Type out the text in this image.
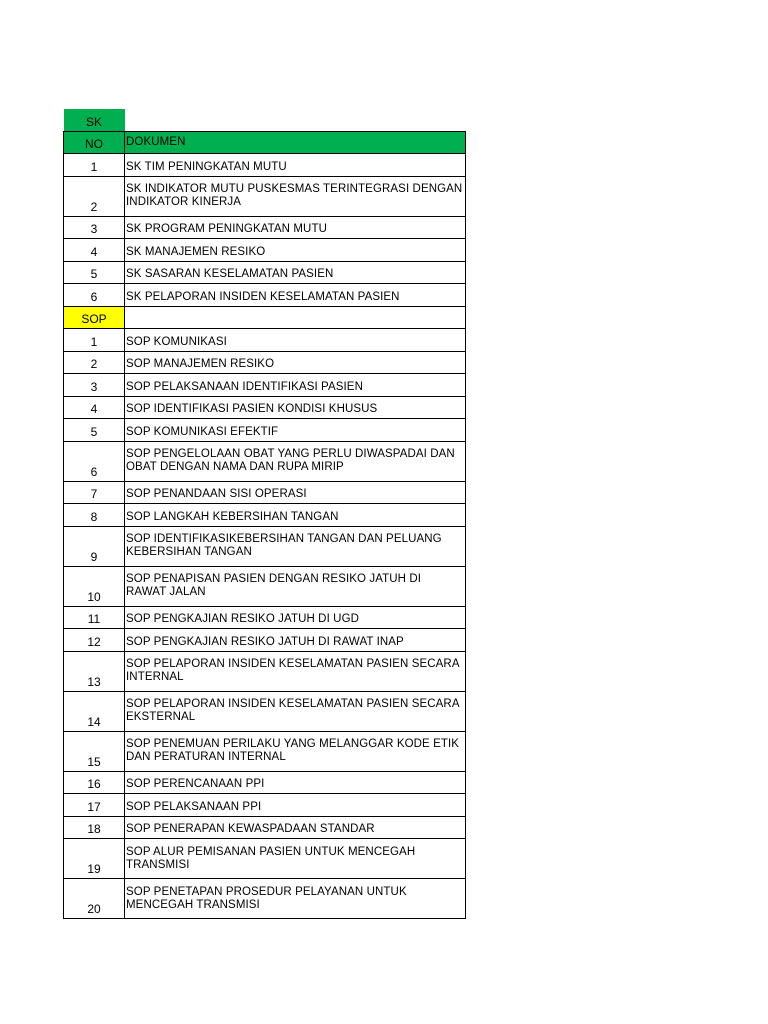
SK	
NO	DOKUMEN
1	SK TIM PENINGKATAN MUTU
2	SK INDIKATOR MUTU PUSKESMAS TERINTEGRASI DENGAN INDIKATOR KINERJA
3	SK PROGRAM PENINGKATAN MUTU
4	SK MANAJEMEN RESIKO
5	SK SASARAN KESELAMATAN PASIEN
6	SK PELAPORAN INSIDEN KESELAMATAN PASIEN
SOP	
1	SOP KOMUNIKASI
2	SOP MANAJEMEN RESIKO
3	SOP PELAKSANAAN IDENTIFIKASI PASIEN
4	SOP IDENTIFIKASI PASIEN KONDISI KHUSUS
5	SOP KOMUNIKASI EFEKTIF
6	SOP PENGELOLAAN OBAT YANG PERLU DIWASPADAI DAN OBAT DENGAN NAMA DAN RUPA MIRIP
7	SOP PENANDAAN SISI OPERASI
8	SOP LANGKAH KEBERSIHAN TANGAN
9	SOP IDENTIFIKASIKEBERSIHAN TANGAN DAN PELUANG KEBERSIHAN TANGAN
10	SOP PENAPISAN PASIEN DENGAN RESIKO JATUH DI RAWAT JALAN
11	SOP PENGKAJIAN RESIKO JATUH DI UGD
12	SOP PENGKAJIAN RESIKO JATUH DI RAWAT INAP
13	SOP PELAPORAN INSIDEN KESELAMATAN PASIEN SECARA INTERNAL
14	SOP PELAPORAN INSIDEN KESELAMATAN PASIEN SECARA EKSTERNAL
15	SOP PENEMUAN PERILAKU YANG MELANGGAR KODE ETIK DAN PERATURAN INTERNAL
16	SOP PERENCANAAN PPI
17	SOP PELAKSANAAN PPI
18	SOP PENERAPAN KEWASPADAAN STANDAR
19	SOP ALUR PEMISANAN PASIEN UNTUK MENCEGAH TRANSMISI
20	SOP PENETAPAN PROSEDUR PELAYANAN UNTUK MENCEGAH TRANSMISI
